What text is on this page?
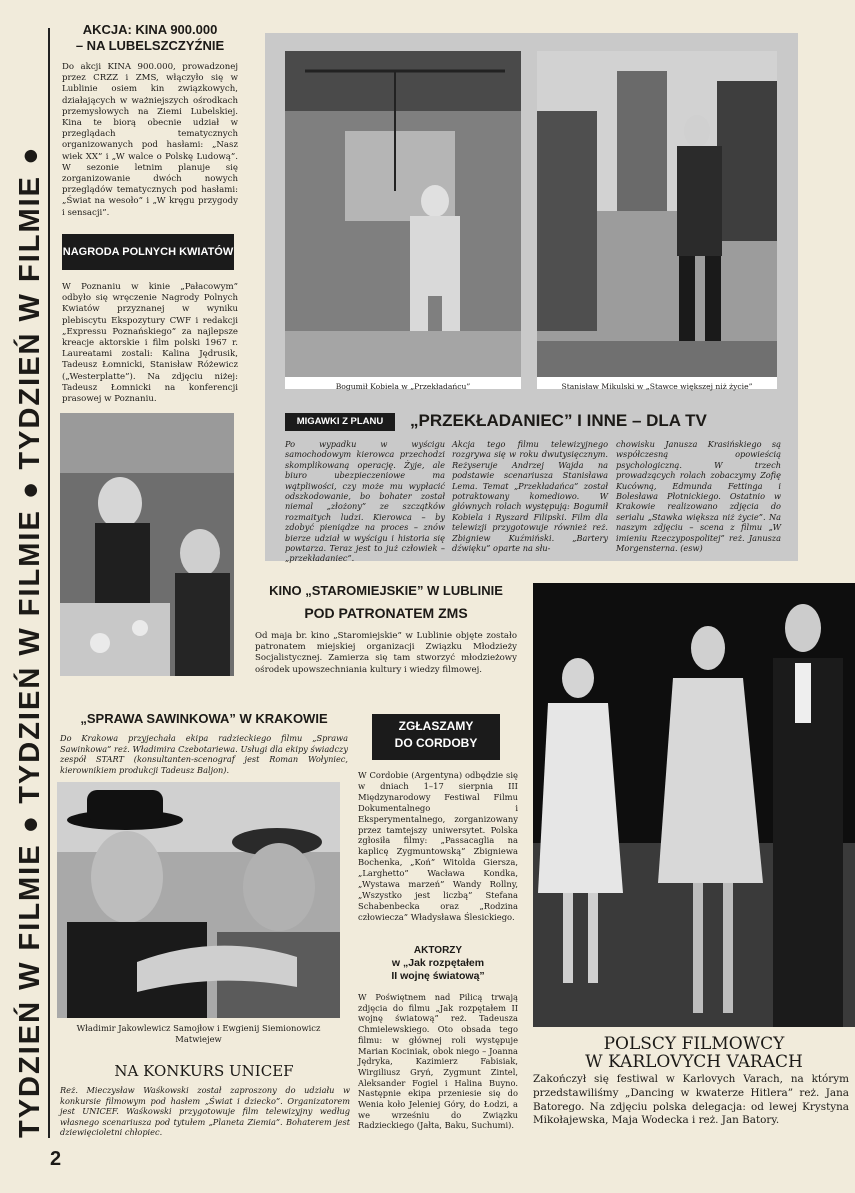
TYDZIEŃ W FILMIE ● TYDZIEŃ W FILMIE ● TYDZIEŃ W FILMIE ●
2
AKCJA: KINA 900.000
– NA LUBELSZCZYŹNIE
Do akcji KINA 900.000, prowadzonej przez CRZZ i ZMS, włączyło się w Lublinie osiem kin związkowych, działających w ważniejszych ośrodkach przemysłowych na Ziemi Lubelskiej. Kina te biorą obecnie udział w przeglądach tematycznych organizowanych pod hasłami: „Nasz wiek XX” i „W walce o Polskę Ludową”. W sezonie letnim planuje się zorganizowanie dwóch nowych przeglądów tematycznych pod hasłami: „Świat na wesoło” i „W kręgu przygody i sensacji”.
NAGRODA POLNYCH KWIATÓW
W Poznaniu w kinie „Pałacowym” odbyło się wręczenie Nagrody Polnych Kwiatów przyznanej w wyniku plebiscytu Ekspozytury CWF i redakcji „Expressu Poznańskiego” za najlepsze kreacje aktorskie i film polski 1967 r. Laureatami zostali: Kalina Jędrusik, Tadeusz Łomnicki, Stanisław Różewicz („Westerplatte”). Na zdjęciu niżej: Tadeusz Łomnicki na konferencji prasowej w Poznaniu.
Bogumił Kobiela w „Przekładańcu”	Stanisław Mikulski w „Stawce większej niż życie”
MIGAWKI Z PLANU	„PRZEKŁADANIEC” I INNE – DLA TV
Po wypadku w wyścigu samochodowym kierowca przechodzi skomplikowaną operację. Żyje, ale biuro ubezpieczeniowe ma wątpliwości, czy może mu wypłacić odszkodowanie, bo bohater został niemal „złożony” ze szczątków rozmaitych ludzi. Kierowca – by zdobyć pieniądze na proces – znów bierze udział w wyścigu i historia się powtarza. Teraz jest to już człowiek – „przekładaniec”.
Akcja tego filmu telewizyjnego rozgrywa się w roku dwutysięcznym. Reżyseruje Andrzej Wajda na podstawie scenariusza Stanisława Lema. Temat „Przekładańca” został potraktowany komediowo. W głównych rolach występują: Bogumił Kobiela i Ryszard Filipski. Film dla telewizji przygotowuje również reż. Zbigniew Kuźmiński. „Bartery dźwięku” oparte na słu-
chowisku Janusza Krasińskiego są współczesną opowieścią psychologiczną. W trzech prowadzących rolach zobaczymy Zofię Kucówną, Edmunda Fettinga i Bolesława Płotnickiego. Ostatnio w Krakowie realizowano zdjęcia do serialu „Stawka większa niż życie”. Na naszym zdjęciu – scena z filmu „W imieniu Rzeczypospolitej” reż. Janusza Morgensterna. (esw)
KINO „STAROMIEJSKIE” W LUBLINIE
POD PATRONATEM ZMS
Od maja br. kino „Staromiejskie” w Lublinie objęte zostało patronatem miejskiej organizacji Związku Młodzieży Socjalistycznej. Zamierza się tam stworzyć młodzieżowy ośrodek upowszechniania kultury i wiedzy filmowej.
„SPRAWA SAWINKOWA” W KRAKOWIE
Do Krakowa przyjechała ekipa radzieckiego filmu „Sprawa Sawinkowa” reż. Władimira Czebotariewa. Usługi dla ekipy świadczy zespół START (konsultanten-scenograf jest Roman Wołyniec, kierownikiem produkcji Tadeusz Baljon).
Władimir Jakowlewicz Samojłow i Ewgienij Siemionowicz Matwiejew
ZGŁASZAMY
DO CORDOBY
W Cordobie (Argentyna) odbędzie się w dniach 1–17 sierpnia III Międzynarodowy Festiwal Filmu Dokumentalnego i Eksperymentalnego, zorganizowany przez tamtejszy uniwersytet. Polska zgłosiła filmy: „Passacaglia na kaplicę Zygmuntowską” Zbigniewa Bochenka, „Koń” Witolda Giersza, „Larghetto” Wacława Kondka, „Wystawa marzeń” Wandy Rollny, „Wszystko jest liczbą” Stefana Schabenbecka oraz „Rodzina człowiecza” Władysława Ślesickiego.
AKTORZY
w „Jak rozpętałem
II wojnę światową”
W Poświętnem nad Pilicą trwają zdjęcia do filmu „Jak rozpętałem II wojnę światową” reż. Tadeusza Chmielewskiego. Oto obsada tego filmu: w głównej roli występuje Marian Kociniak, obok niego – Joanna Jędryka, Kazimierz Fabisiak, Wirgiliusz Gryń, Zygmunt Zintel, Aleksander Fogiel i Halina Buyno. Następnie ekipa przeniesie się do Wenia koło Jeleniej Góry, do Łodzi, a we wrześniu do Związku Radzieckiego (Jałta, Baku, Suchumi).
NA KONKURS UNICEF
Reż. Mieczysław Waśkowski został zaproszony do udziału w konkursie filmowym pod hasłem „Świat i dziecko”. Organizatorem jest UNICEF. Waśkowski przygotowuje film telewizyjny według własnego scenariusza pod tytułem „Planeta Ziemia”. Bohaterem jest dziewięcioletni chłopiec.
POLSCY FILMOWCY
W KARLOVYCH VARACH
Zakończył się festiwal w Karlovych Varach, na którym przedstawiliśmy „Dancing w kwaterze Hitlera” reż. Jana Batorego. Na zdjęciu polska delegacja: od lewej Krystyna Mikołajewska, Maja Wodecka i reż. Jan Batory.
